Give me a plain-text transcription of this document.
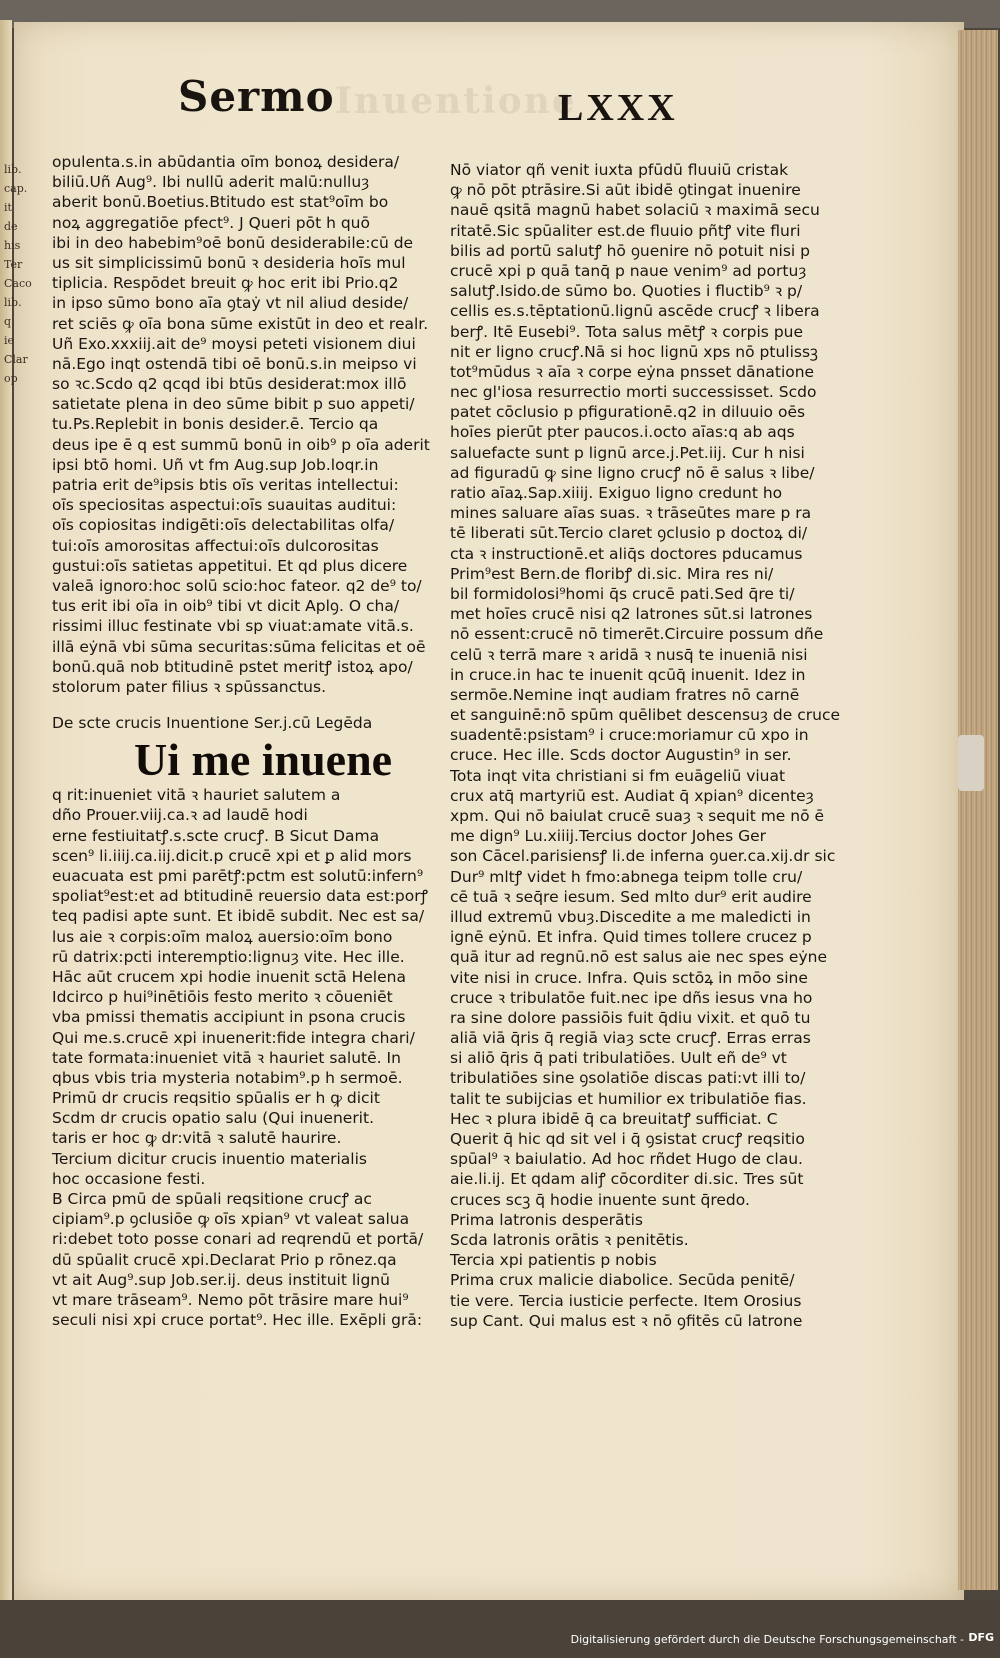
lib. cap. it de his Ter Caco lib. q ie Clar op
Inuentione
Sermo	LXXX
opulenta.s.in abūdantia oīm bonoꝝ desidera/
biliū.Uñ Aug⁹. Ibi nullū aderit malū:nulluȝ
aberit bonū.Boetius.Btitudo est stat⁹oīm bo
noꝝ aggregatiōe pfect⁹. J Queri pōt h quō
ibi in deo habebim⁹oē bonū desiderabile:cū de
us sit simplicissimū bonū ꝛ desideria hoīs mul
tiplicia. Respōdet breuit ꝙ hoc erit ibi Prio.q2
in ipso sūmo bono aīa ꝯtaẏ vt nil aliud deside/
ret sciēs ꝙ oīa bona sūme existūt in deo et realr.
Uñ Exo.xxxiij.ait de⁹ moysi peteti visionem diui
nā.Ego inqt ostendā tibi oē bonū.s.in meipso vi
so ꝛc.Scdo q2 qcqd ibi btūs desiderat:mox illō
satietate plena in deo sūme bibit p suo appeti/
tu.Ps.Replebit in bonis desider.ē. Tercio qa
deus ipe ē q est summū bonū in oib⁹ p oīa aderit
ipsi btō homi. Uñ vt fm Aug.sup Job.loqr.in
patria erit de⁹ipsis btis oīs veritas intellectui:
oīs speciositas aspectui:oīs suauitas auditui:
oīs copiositas indigēti:oīs delectabilitas olfa/
tui:oīs amorositas affectui:oīs dulcorositas
gustui:oīs satietas appetitui. Et qd plus dicere
valeā ignoro:hoc solū scio:hoc fateor. q2 de⁹ to/
tus erit ibi oīa in oib⁹ tibi vt dicit Aplꝯ. O cha/
rissimi illuc festinate vbi sp viuat:amate vitā.s.
illā eẏnā vbi sūma securitas:sūma felicitas et oē
bonū.quā nob btitudinē pstet meritꝭ istoꝝ apo/
stolorum pater filius ꝛ spūssanctus.
De scte crucis Inuentione Ser.j.cū Legēda
Ui me inuene
q rit:inueniet vitā ꝛ hauriet salutem a
dño Prouer.viij.ca.ꝛ ad laudē hodi
erne festiuitatꝭ.s.scte crucꝭ. B Sicut Dama
scen⁹ li.iiij.ca.iij.dicit.p crucē xpi et ꝑ alid mors
euacuata est pmi parētꝭ:pctm est solutū:infern⁹
spoliat⁹est:et ad btitudinē reuersio data est:porꝭ
teq padisi apte sunt. Et ibidē subdit. Nec est sa/
lus aie ꝛ corpis:oīm maloꝝ auersio:oīm bono
rū datrix:pcti interemptio:lignuȝ vite. Hec ille.
Hāc aūt crucem xpi hodie inuenit sctā Helena
Idcirco p hui⁹inētiōis festo merito ꝛ cōueniēt
vba pmissi thematis accipiunt in psona crucis
Qui me.s.crucē xpi inuenerit:fide integra chari/
tate formata:inueniet vitā ꝛ hauriet salutē. In
qbus vbis tria mysteria notabim⁹.p h sermoē.
Primū dr crucis reqsitio spūalis er h ꝙ dicit
Scdm dr crucis opatio salu (Qui inuenerit.
taris er hoc ꝙ dr:vitā ꝛ salutē haurire.
Tercium dicitur crucis inuentio materialis
hoc occasione festi.
B Circa pmū de spūali reqsitione crucꝭ ac
cipiam⁹.p ꝯclusiōe ꝙ oīs xpian⁹ vt valeat salua
ri:debet toto posse conari ad reqrendū et portā/
dū spūalit crucē xpi.Declarat Prio p rōnez.qa
vt ait Aug⁹.sup Job.ser.ij. deus instituit lignū
vt mare trāseam⁹. Nemo pōt trāsire mare hui⁹
seculi nisi xpi cruce portat⁹. Hec ille. Exēpli grā:
Nō viator qñ venit iuxta pfūdū fluuiū cristak
ꝙ nō pōt ptrāsire.Si aūt ibidē ꝯtingat inuenire
nauē qsitā magnū habet solaciū ꝛ maximā secu
ritatē.Sic spūaliter est.de fluuio pñtꝭ vite fluri
bilis ad portū salutꝭ hō ꝯuenire nō potuit nisi p
crucē xpi p quā tanq̄ p naue venim⁹ ad portuȝ
salutꝭ.Isido.de sūmo bo. Quoties i fluctib⁹ ꝛ p/
cellis es.s.tēptationū.lignū ascēde crucꝭ ꝛ libera
berꝭ. Itē Eusebi⁹. Tota salus mētꝭ ꝛ corpis pue
nit er ligno crucꝭ.Nā si hoc lignū xps nō ptulissꝫ
tot⁹mūdus ꝛ aīa ꝛ corpe eẏna pnsset dānatione
nec gl'iosa resurrectio morti successisset. Scdo
patet cōclusio p pfigurationē.q2 in diluuio oēs
hoīes pierūt pter paucos.i.octo aīas:q ab aqs
saluefacte sunt p lignū arce.j.Pet.iij. Cur h nisi
ad figuradū ꝙ sine ligno crucꝭ nō ē salus ꝛ libe/
ratio aīaꝝ.Sap.xiiij. Exiguo ligno credunt ho
mines saluare aīas suas. ꝛ trāseūtes mare p ra
tē liberati sūt.Tercio claret ꝯclusio p doctoꝝ di/
cta ꝛ instructionē.et aliq̄s doctores pducamus
Prim⁹est Bern.de floribꝭ di.sic. Mira res ni/
bil formidolosi⁹homi q̄s crucē pati.Sed q̄re ti/
met hoīes crucē nisi q2 latrones sūt.si latrones
nō essent:crucē nō timerēt.Circuire possum dñe
celū ꝛ terrā mare ꝛ aridā ꝛ nusq̄ te inueniā nisi
in cruce.in hac te inuenit qcūq̄ inuenit. Idez in
sermōe.Nemine inqt audiam fratres nō carnē
et sanguinē:nō spūm quēlibet descensuȝ de cruce
suadentē:psistam⁹ i cruce:moriamur cū xpo in
cruce. Hec ille. Scds doctor Augustin⁹ in ser.
Tota inqt vita christiani si fm euāgeliū viuat
crux atq̄ martyriū est. Audiat q̄ xpian⁹ dicenteȝ
xpm. Qui nō baiulat crucē suaȝ ꝛ sequit me nō ē
me dign⁹ Lu.xiiij.Tercius doctor Johes Ger
son Cācel.parisiensꝭ li.de inferna ꝯuer.ca.xij.dr sic
Dur⁹ mltꝭ videt h fmo:abnega teipm tolle cru/
cē tuā ꝛ seq̄re iesum. Sed mlto dur⁹ erit audire
illud extremū vbuȝ.Discedite a me maledicti in
ignē eẏnū. Et infra. Quid times tollere crucez p
quā itur ad regnū.nō est salus aie nec spes eẏne
vite nisi in cruce. Infra. Quis sctōꝝ in mōo sine
cruce ꝛ tribulatōe fuit.nec ipe dñs iesus vna ho
ra sine dolore passiōis fuit q̄diu vixit. et quō tu
aliā viā q̄ris q̄ regiā viaȝ scte crucꝭ. Erras erras
si aliō q̄ris q̄ pati tribulatiōes. Uult eñ de⁹ vt
tribulatiōes sine ꝯsolatiōe discas pati:vt illi to/
talit te subijcias et humilior ex tribulatiōe fias.
Hec ꝛ plura ibidē q̄ ca breuitatꝭ sufficiat. C
Querit q̄ hic qd sit vel i q̄ ꝯsistat crucꝭ reqsitio
spūal⁹ ꝛ baiulatio. Ad hoc rñdet Hugo de clau.
aie.li.ij. Et qdam aliꝭ cōcorditer di.sic. Tres sūt
cruces scꝫ q̄ hodie inuente sunt q̄redo.
Prima latronis desperātis
Scda latronis orātis ꝛ penitētis.
Tercia xpi patientis p nobis
Prima crux malicie diabolice. Secūda penitē/
tie vere. Tercia iusticie perfecte. Item Orosius
sup Cant. Qui malus est ꝛ nō ꝯfitēs cū latrone
Digitalisierung gefördert durch die Deutsche Forschungsgemeinschaft - DFG
